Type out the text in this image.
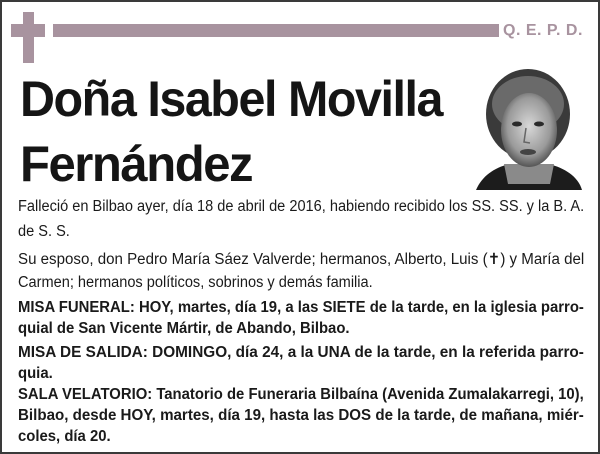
Q. E. P. D.
Doña Isabel Movilla
Fernández
Falleció en Bilbao ayer, día 18 de abril de 2016, habiendo recibido los SS. SS. y la B. A.
de S. S.
Su esposo, don Pedro María Sáez Valverde; hermanos, Alberto, Luis (✝) y María del
Carmen; hermanos políticos, sobrinos y demás familia.
MISA FUNERAL: HOY, martes, día 19, a las SIETE de la tarde, en la iglesia parro-
quial de San Vicente Mártir, de Abando, Bilbao.
MISA DE SALIDA: DOMINGO, día 24, a la UNA de la tarde, en la referida parro-
quia.
SALA VELATORIO: Tanatorio de Funeraria Bilbaína (Avenida Zumalakarregi, 10),
Bilbao, desde HOY, martes, día 19, hasta las DOS de la tarde, de mañana, miér-
coles, día 20.
